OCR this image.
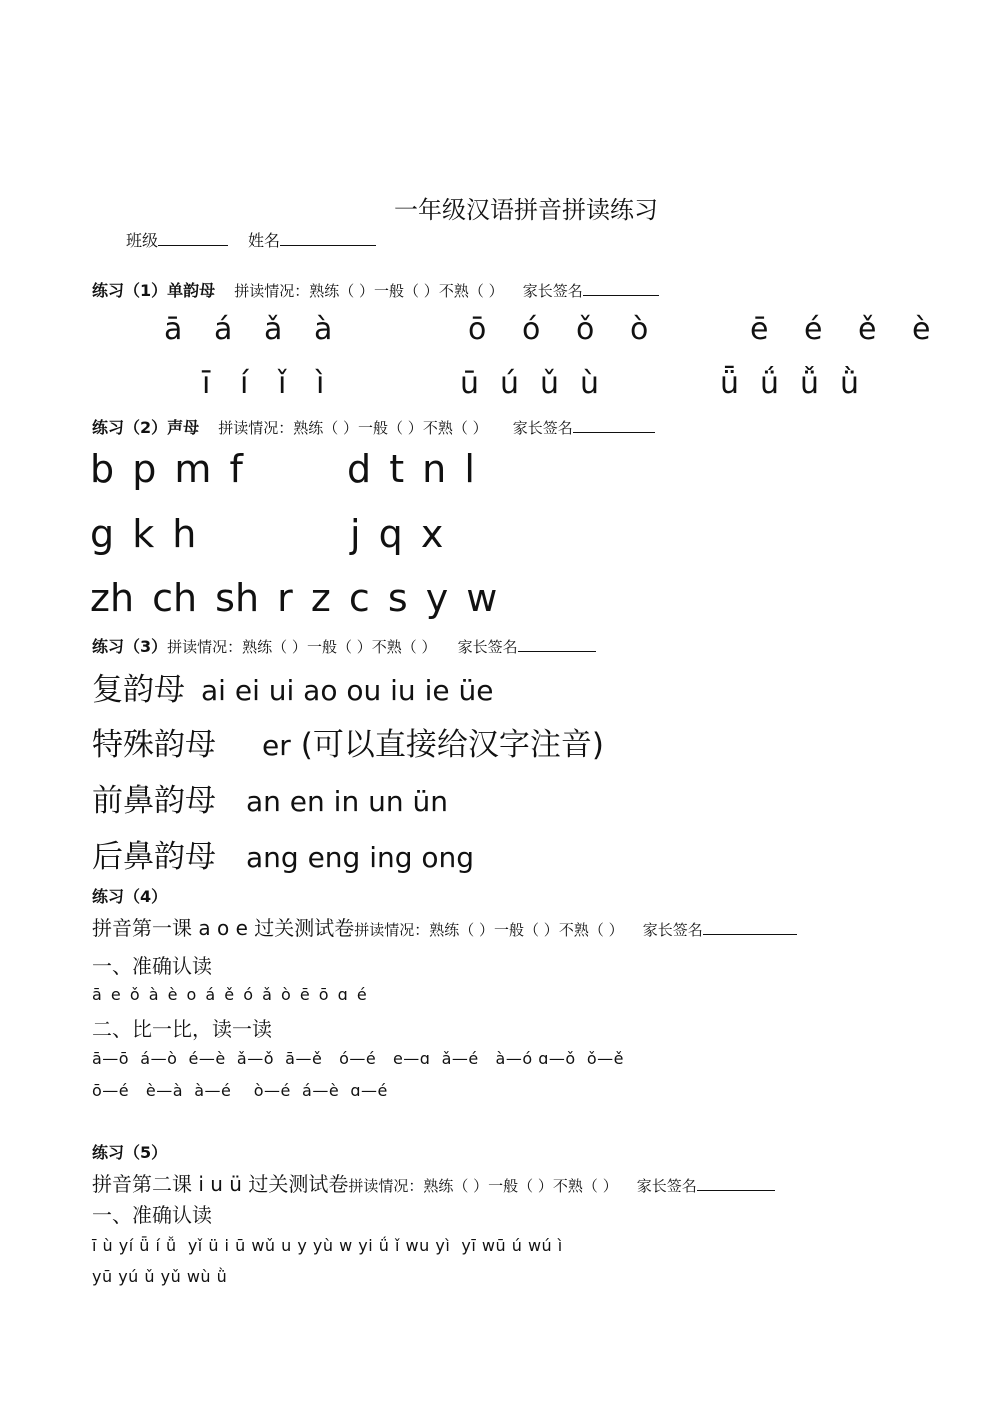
一年级汉语拼音拼读练习
班级	姓名
练习（1）单韵母 拼读情况：熟练（ ）一般（ ）不熟（ ） 家长签名
ā á ǎ à	ō ó ǒ ò	ē é ě è
ī í ǐ ì	ū ú ǔ ù	ǖ ǘ ǚ ǜ
练习（2）声母 拼读情况：熟练（ ）一般（ ）不熟（ ） 家长签名
b p m f	d t n l
g k h	j q x
zh ch sh r z c s y w
练习（3）拼读情况：熟练（ ）一般（ ）不熟（ ） 家长签名
复韵母 ai ei ui ao ou iu ie üe
特殊韵母 er (可以直接给汉字注音)
前鼻韵母 an en in un ün
后鼻韵母 ang eng ing ong
练习（4）
拼音第一课 a o e 过关测试卷拼读情况：熟练（ ）一般（ ）不熟（ ） 家长签名
一、准确认读
ā e ǒ à è o á ě ó ǎ ò ē ō ɑ é
二、比一比，读一读
ā—ō  á—ò  é—è  ǎ—ǒ  ā—ě   ó—é   e—ɑ  ǎ—é   à—ó ɑ—ǒ  ǒ—ě
ō—é   è—à  à—é    ò—é  á—è  ɑ—é
练习（5）
拼音第二课 i u ü 过关测试卷拼读情况：熟练（ ）一般（ ）不熟（ ） 家长签名
一、准确认读
ī ù yí ǖ í ǚ  yǐ ü i ū wǔ u y yù w yi ǘ ǐ wu yì  yī wū ú wú ì
yū yú ǔ yǔ wù ǜ
